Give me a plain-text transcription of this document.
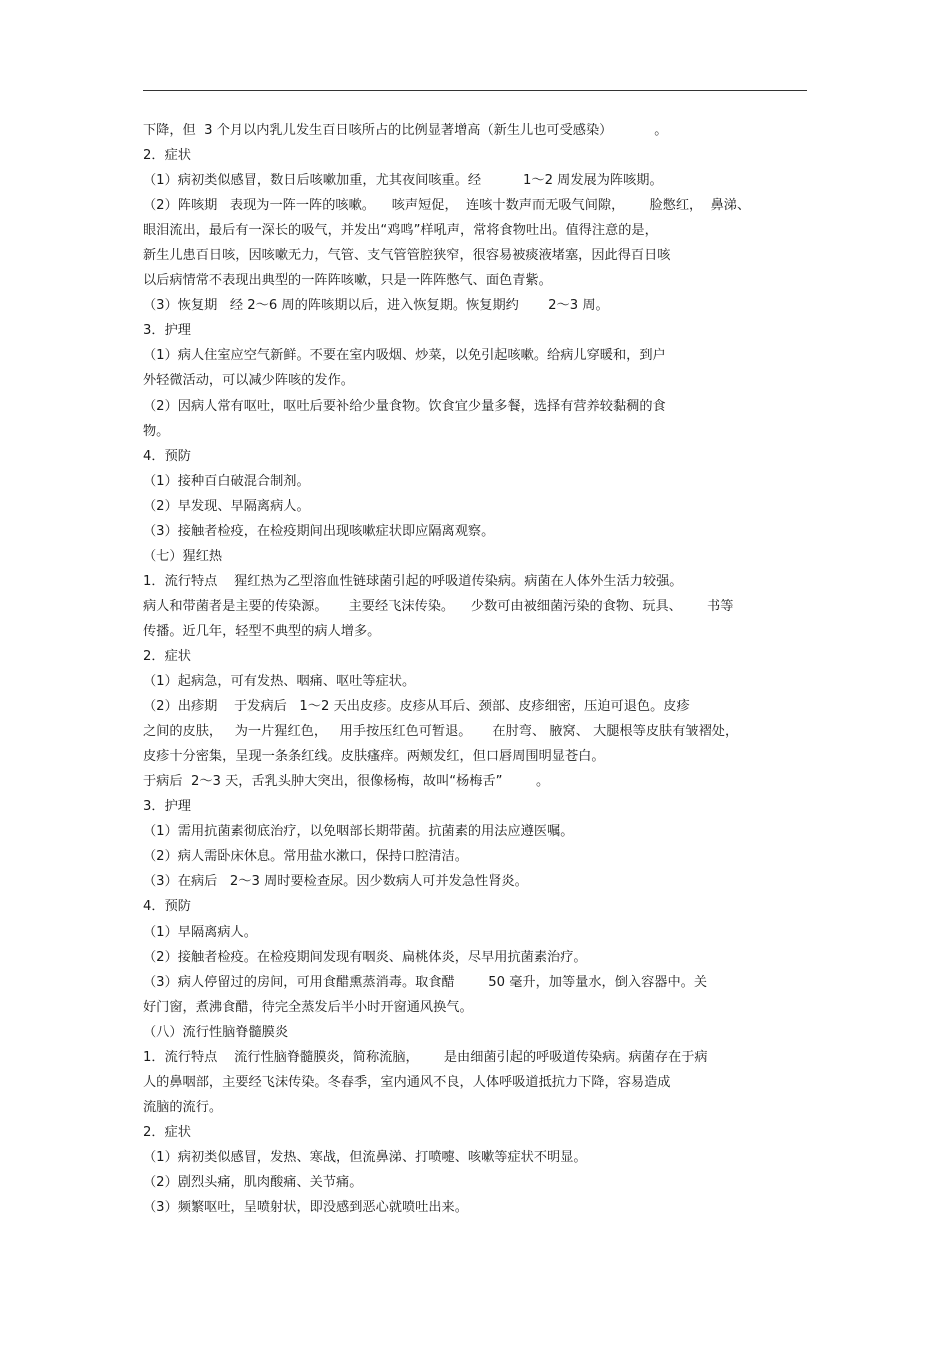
下降，但  3 个月以内乳儿发生百日咳所占的比例显著增高（新生儿也可受感染）          。
2．症状
（1）病初类似感冒，数日后咳嗽加重，尤其夜间咳重。经          1～2 周发展为阵咳期。
（2）阵咳期   表现为一阵一阵的咳嗽。    咳声短促，  连咳十数声而无吸气间隙，      脸憋红，  鼻涕、
眼泪流出，最后有一深长的吸气，并发出“鸡鸣”样吼声，常将食物吐出。值得注意的是，
新生儿患百日咳，因咳嗽无力，气管、支气管管腔狭窄，很容易被痰液堵塞，因此得百日咳
以后病情常不表现出典型的一阵阵咳嗽，只是一阵阵憋气、面色青紫。
（3）恢复期   经 2～6 周的阵咳期以后，进入恢复期。恢复期约       2～3 周。
3．护理
（1）病人住室应空气新鲜。不要在室内吸烟、炒菜，以免引起咳嗽。给病儿穿暖和，到户
外轻微活动，可以减少阵咳的发作。
（2）因病人常有呕吐，呕吐后要补给少量食物。饮食宜少量多餐，选择有营养较黏稠的食
物。
4．预防
（1）接种百白破混合制剂。
（2）早发现、早隔离病人。
（3）接触者检疫，在检疫期间出现咳嗽症状即应隔离观察。
（七）猩红热
1．流行特点    猩红热为乙型溶血性链球菌引起的呼吸道传染病。病菌在人体外生活力较强。
病人和带菌者是主要的传染源。     主要经飞沫传染。    少数可由被细菌污染的食物、玩具、      书等
传播。近几年，轻型不典型的病人增多。
2．症状
（1）起病急，可有发热、咽痛、呕吐等症状。
（2）出疹期    于发病后   1～2 天出皮疹。皮疹从耳后、颈部、皮疹细密，压迫可退色。皮疹
之间的皮肤，   为一片猩红色，   用手按压红色可暂退。     在肘弯、 腋窝、 大腿根等皮肤有皱褶处，
皮疹十分密集，呈现一条条红线。皮肤瘙痒。两颊发红，但口唇周围明显苍白。
于病后  2～3 天，舌乳头肿大突出，很像杨梅，故叫“杨梅舌”        。
3．护理
（1）需用抗菌素彻底治疗，以免咽部长期带菌。抗菌素的用法应遵医嘱。
（2）病人需卧床休息。常用盐水漱口，保持口腔清洁。
（3）在病后   2～3 周时要检查尿。因少数病人可并发急性肾炎。
4．预防
（1）早隔离病人。
（2）接触者检疫。在检疫期间发现有咽炎、扁桃体炎，尽早用抗菌素治疗。
（3）病人停留过的房间，可用食醋熏蒸消毒。取食醋        50 毫升，加等量水，倒入容器中。关
好门窗，煮沸食醋，待完全蒸发后半小时开窗通风换气。
（八）流行性脑脊髓膜炎
1．流行特点    流行性脑脊髓膜炎，简称流脑，      是由细菌引起的呼吸道传染病。病菌存在于病
人的鼻咽部，主要经飞沫传染。冬春季，室内通风不良，人体呼吸道抵抗力下降，容易造成
流脑的流行。
2．症状
（1）病初类似感冒，发热、寒战，但流鼻涕、打喷嚏、咳嗽等症状不明显。
（2）剧烈头痛，肌肉酸痛、关节痛。
（3）频繁呕吐，呈喷射状，即没感到恶心就喷吐出来。
